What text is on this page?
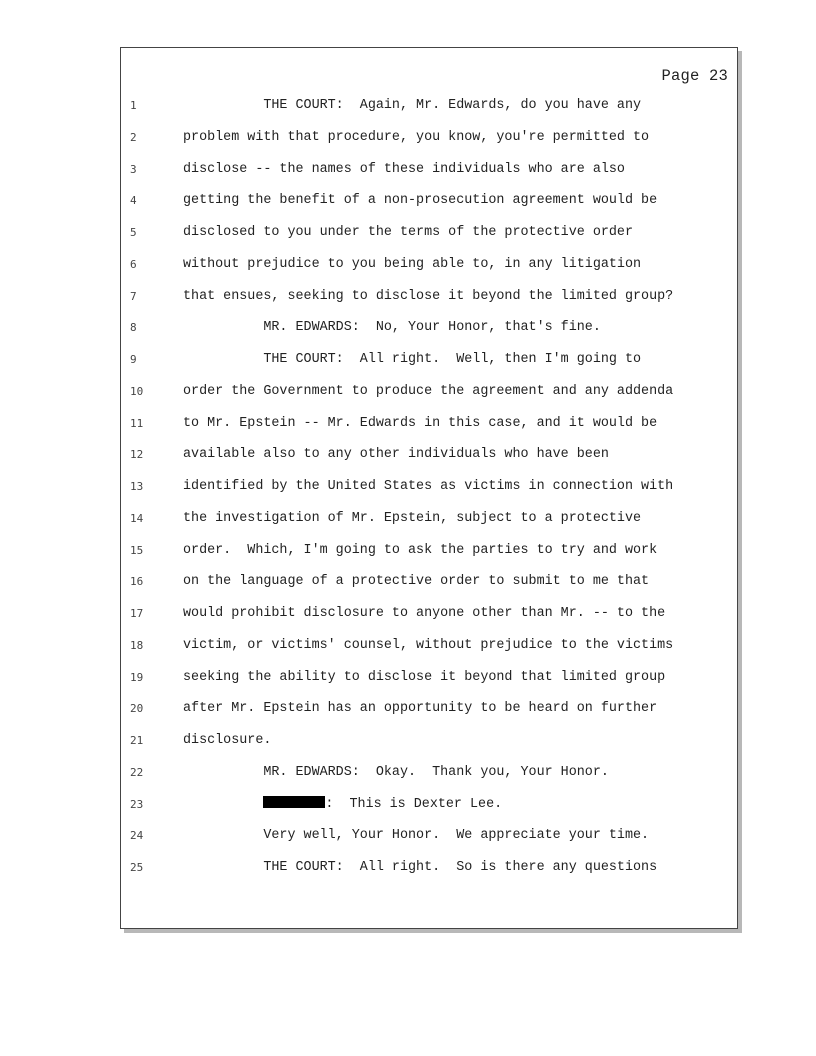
Page 23
1	THE COURT:  Again, Mr. Edwards, do you have any
2	problem with that procedure, you know, you're permitted to
3	disclose -- the names of these individuals who are also
4	getting the benefit of a non-prosecution agreement would be
5	disclosed to you under the terms of the protective order
6	without prejudice to you being able to, in any litigation
7	that ensues, seeking to disclose it beyond the limited group?
8	MR. EDWARDS:  No, Your Honor, that's fine.
9	THE COURT:  All right.  Well, then I'm going to
10	order the Government to produce the agreement and any addenda
11	to Mr. Epstein -- Mr. Edwards in this case, and it would be
12	available also to any other individuals who have been
13	identified by the United States as victims in connection with
14	the investigation of Mr. Epstein, subject to a protective
15	order.  Which, I'm going to ask the parties to try and work
16	on the language of a protective order to submit to me that
17	would prohibit disclosure to anyone other than Mr. -- to the
18	victim, or victims' counsel, without prejudice to the victims
19	seeking the ability to disclose it beyond that limited group
20	after Mr. Epstein has an opportunity to be heard on further
21	disclosure.
22	MR. EDWARDS:  Okay.  Thank you, Your Honor.
23	:  This is Dexter Lee.
24	Very well, Your Honor.  We appreciate your time.
25	THE COURT:  All right.  So is there any questions
